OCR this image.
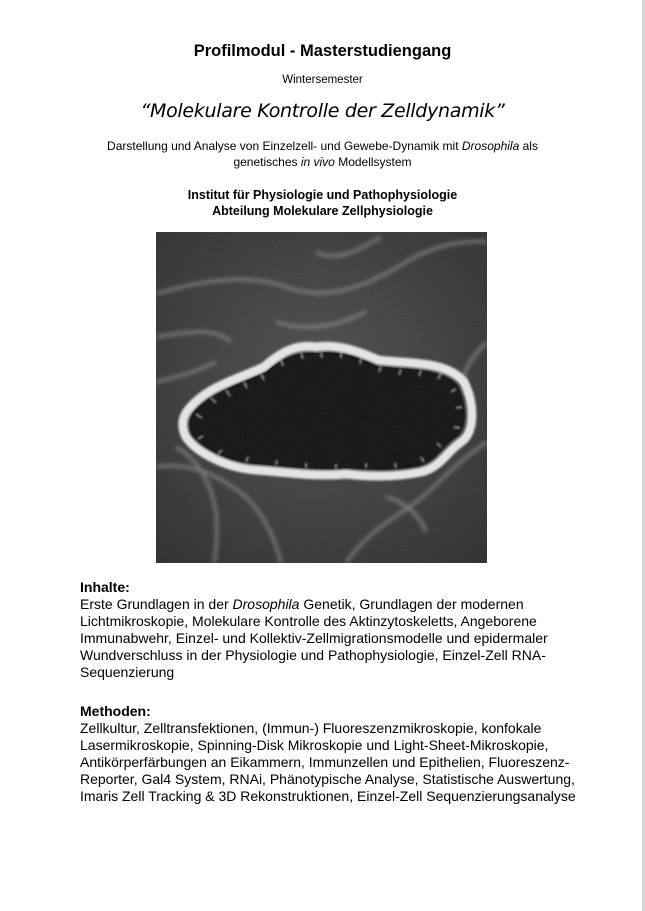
Profilmodul - Masterstudiengang
Wintersemester
“Molekulare Kontrolle der Zelldynamik”
Darstellung und Analyse von Einzelzell- und Gewebe-Dynamik mit Drosophila als genetisches in vivo Modellsystem
Institut für Physiologie und Pathophysiologie
Abteilung Molekulare Zellphysiologie
Inhalte:

Erste Grundlagen in der Drosophila Genetik, Grundlagen der modernen Lichtmikroskopie, Molekulare Kontrolle des Aktinzytoskeletts, Angeborene Immunabwehr, Einzel- und Kollektiv-Zellmigrationsmodelle und epidermaler Wundverschluss in der Physiologie und Pathophysiologie, Einzel-Zell RNA-Sequenzierung

Methoden:

Zellkultur, Zelltransfektionen, (Immun-) Fluoreszenzmikroskopie, konfokale Lasermikroskopie, Spinning-Disk Mikroskopie und Light-Sheet-Mikroskopie, Antikörperfärbungen an Eikammern, Immunzellen und Epithelien, Fluoreszenz-Reporter, Gal4 System, RNAi, Phänotypische Analyse, Statistische Auswertung, Imaris Zell Tracking & 3D Rekonstruktionen, Einzel-Zell Sequenzierungsanalyse
